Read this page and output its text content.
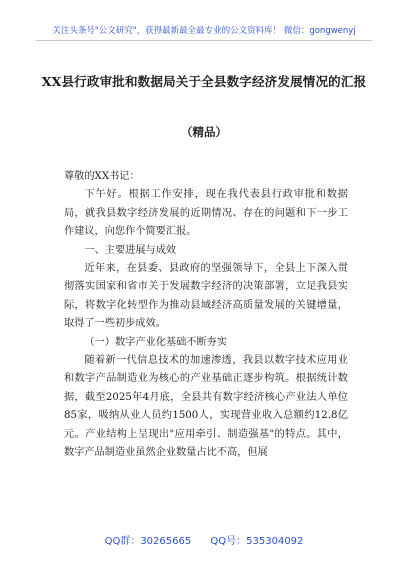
关注头条号"公文研究"，获得最新最全最专业的公文资料库！ 微信：gongwenyj
XX县行政审批和数据局关于全县数字经济发展情况的汇报
（精品）

尊敬的XX书记：

下午好。根据工作安排，现在我代表县行政审批和数据局，就我县数字经济发展的近期情况、存在的问题和下一步工作建议，向您作个简要汇报。

一、主要进展与成效

近年来，在县委、县政府的坚强领导下，全县上下深入贯彻落实国家和省市关于发展数字经济的决策部署，立足我县实际，将数字化转型作为推动县域经济高质量发展的关键增量，取得了一些初步成效。

（一）数字产业化基础不断夯实

随着新一代信息技术的加速渗透，我县以数字技术应用业和数字产品制造业为核心的产业基础正逐步构筑。根据统计数据，截至2025年4月底，全县共有数字经济核心产业法人单位85家，吸纳从业人员约1500人，实现营业收入总额约12.8亿元。产业结构上呈现出"应用牵引、制造强基"的特点。其中，数字产品制造业虽然企业数量占比不高，但展

QQ群：30265665 QQ号：535304092
